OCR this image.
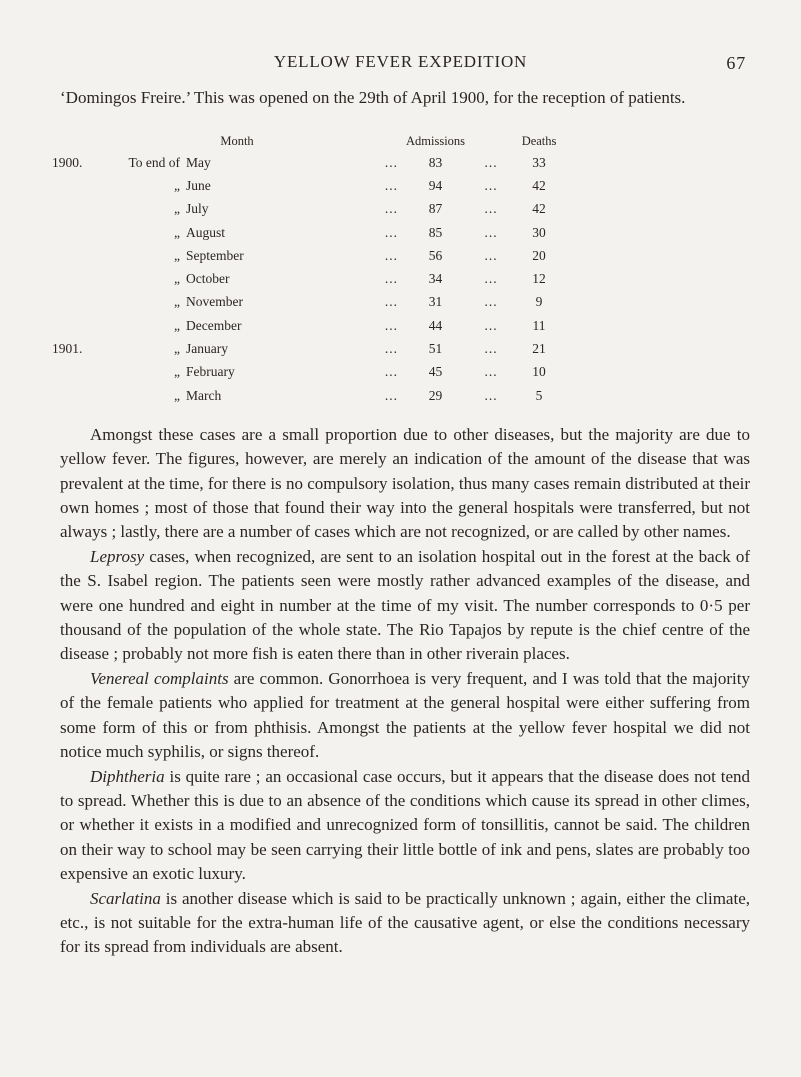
YELLOW FEVER EXPEDITION	67

‘Domingos Freire.’ This was opened on the 29th of April 1900, for the reception of patients.

		Month		Admissions		Deaths
1900.	To end of	May	...	83	...	33
	„	June	...	94	...	42
	„	July	...	87	...	42
	„	August	...	85	...	30
	„	September	...	56	...	20
	„	October	...	34	...	12
	„	November	...	31	...	9
	„	December	...	44	...	11
1901.	„	January	...	51	...	21
	„	February	...	45	...	10
	„	March	...	29	...	5

Amongst these cases are a small proportion due to other diseases, but the majority are due to yellow fever. The figures, however, are merely an indication of the amount of the disease that was prevalent at the time, for there is no compulsory isolation, thus many cases remain distributed at their own homes ; most of those that found their way into the general hospitals were transferred, but not always ; lastly, there are a number of cases which are not recognized, or are called by other names.

Leprosy cases, when recognized, are sent to an isolation hospital out in the forest at the back of the S. Isabel region. The patients seen were mostly rather advanced examples of the disease, and were one hundred and eight in number at the time of my visit. The number corresponds to 0·5 per thousand of the population of the whole state. The Rio Tapajos by repute is the chief centre of the disease ; probably not more fish is eaten there than in other riverain places.

Venereal complaints are common. Gonorrhoea is very frequent, and I was told that the majority of the female patients who applied for treatment at the general hospital were either suffering from some form of this or from phthisis. Amongst the patients at the yellow fever hospital we did not notice much syphilis, or signs thereof.

Diphtheria is quite rare ; an occasional case occurs, but it appears that the disease does not tend to spread. Whether this is due to an absence of the conditions which cause its spread in other climes, or whether it exists in a modified and unrecognized form of tonsillitis, cannot be said. The children on their way to school may be seen carrying their little bottle of ink and pens, slates are probably too expensive an exotic luxury.

Scarlatina is another disease which is said to be practically unknown ; again, either the climate, etc., is not suitable for the extra-human life of the causative agent, or else the conditions necessary for its spread from individuals are absent.
